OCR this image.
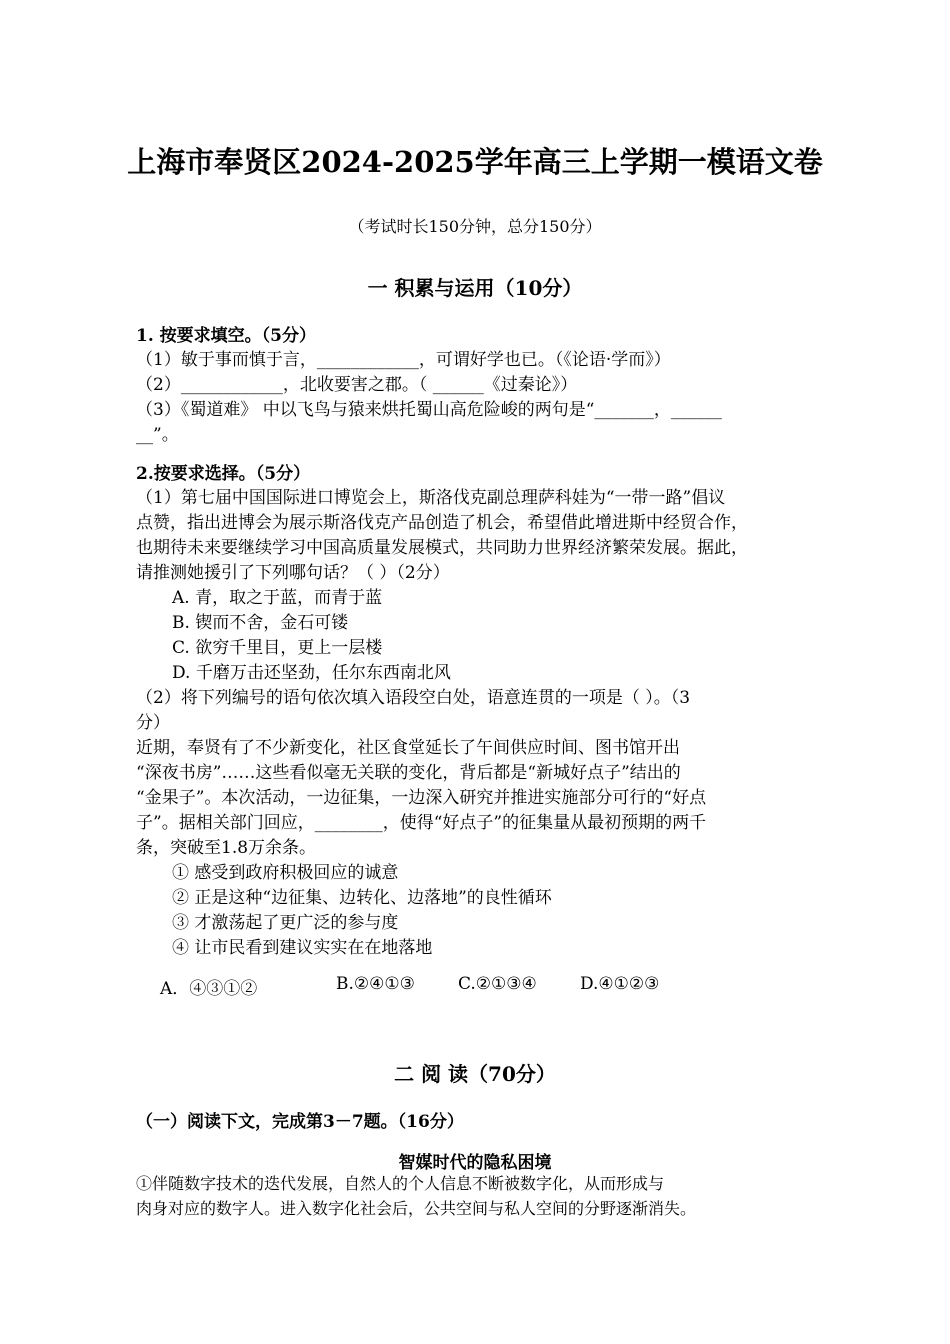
上海市奉贤区2024-2025学年高三上学期一模语文卷
（考试时长150分钟，总分150分）
一 积累与运用（10分）
1. 按要求填空。（5分）
（1）敏于事而慎于言，____________，可谓好学也已。（《论语·学而》）
（2）____________，北收要害之郡。（ ______《过秦论》）
（3）《蜀道难》 中以飞鸟与猿来烘托蜀山高危险峻的两句是“_______，______
__”。
2.按要求选择。（5分）
（1）第七届中国国际进口博览会上，斯洛伐克副总理萨科娃为“一带一路”倡议
点赞，指出进博会为展示斯洛伐克产品创造了机会，希望借此增进斯中经贸合作，
也期待未来要继续学习中国高质量发展模式，共同助力世界经济繁荣发展。据此，
请推测她援引了下列哪句话？（ ）（2分）
A. 青，取之于蓝，而青于蓝
B. 锲而不舍，金石可镂
C. 欲穷千里目，更上一层楼
D. 千磨万击还坚劲，任尔东西南北风
（2）将下列编号的语句依次填入语段空白处，语意连贯的一项是（ ）。（3
分）
近期，奉贤有了不少新变化，社区食堂延长了午间供应时间、图书馆开出
“深夜书房”……这些看似毫无关联的变化，背后都是“新城好点子”结出的
“金果子”。本次活动，一边征集，一边深入研究并推进实施部分可行的“好点
子”。据相关部门回应，________，使得“好点子”的征集量从最初预期的两千
条，突破至1.8万余条。
① 感受到政府积极回应的诚意
② 正是这种“边征集、边转化、边落地”的良性循环
③ 才激荡起了更广泛的参与度
④ 让市民看到建议实实在在地落地
A．④③①②	B.②④①③	C.②①③④	D.④①②③
二 阅 读（70分）
（一）阅读下文，完成第3－7题。（16分）
智媒时代的隐私困境
①伴随数字技术的迭代发展，自然人的个人信息不断被数字化，从而形成与
肉身对应的数字人。进入数字化社会后，公共空间与私人空间的分野逐渐消失。
